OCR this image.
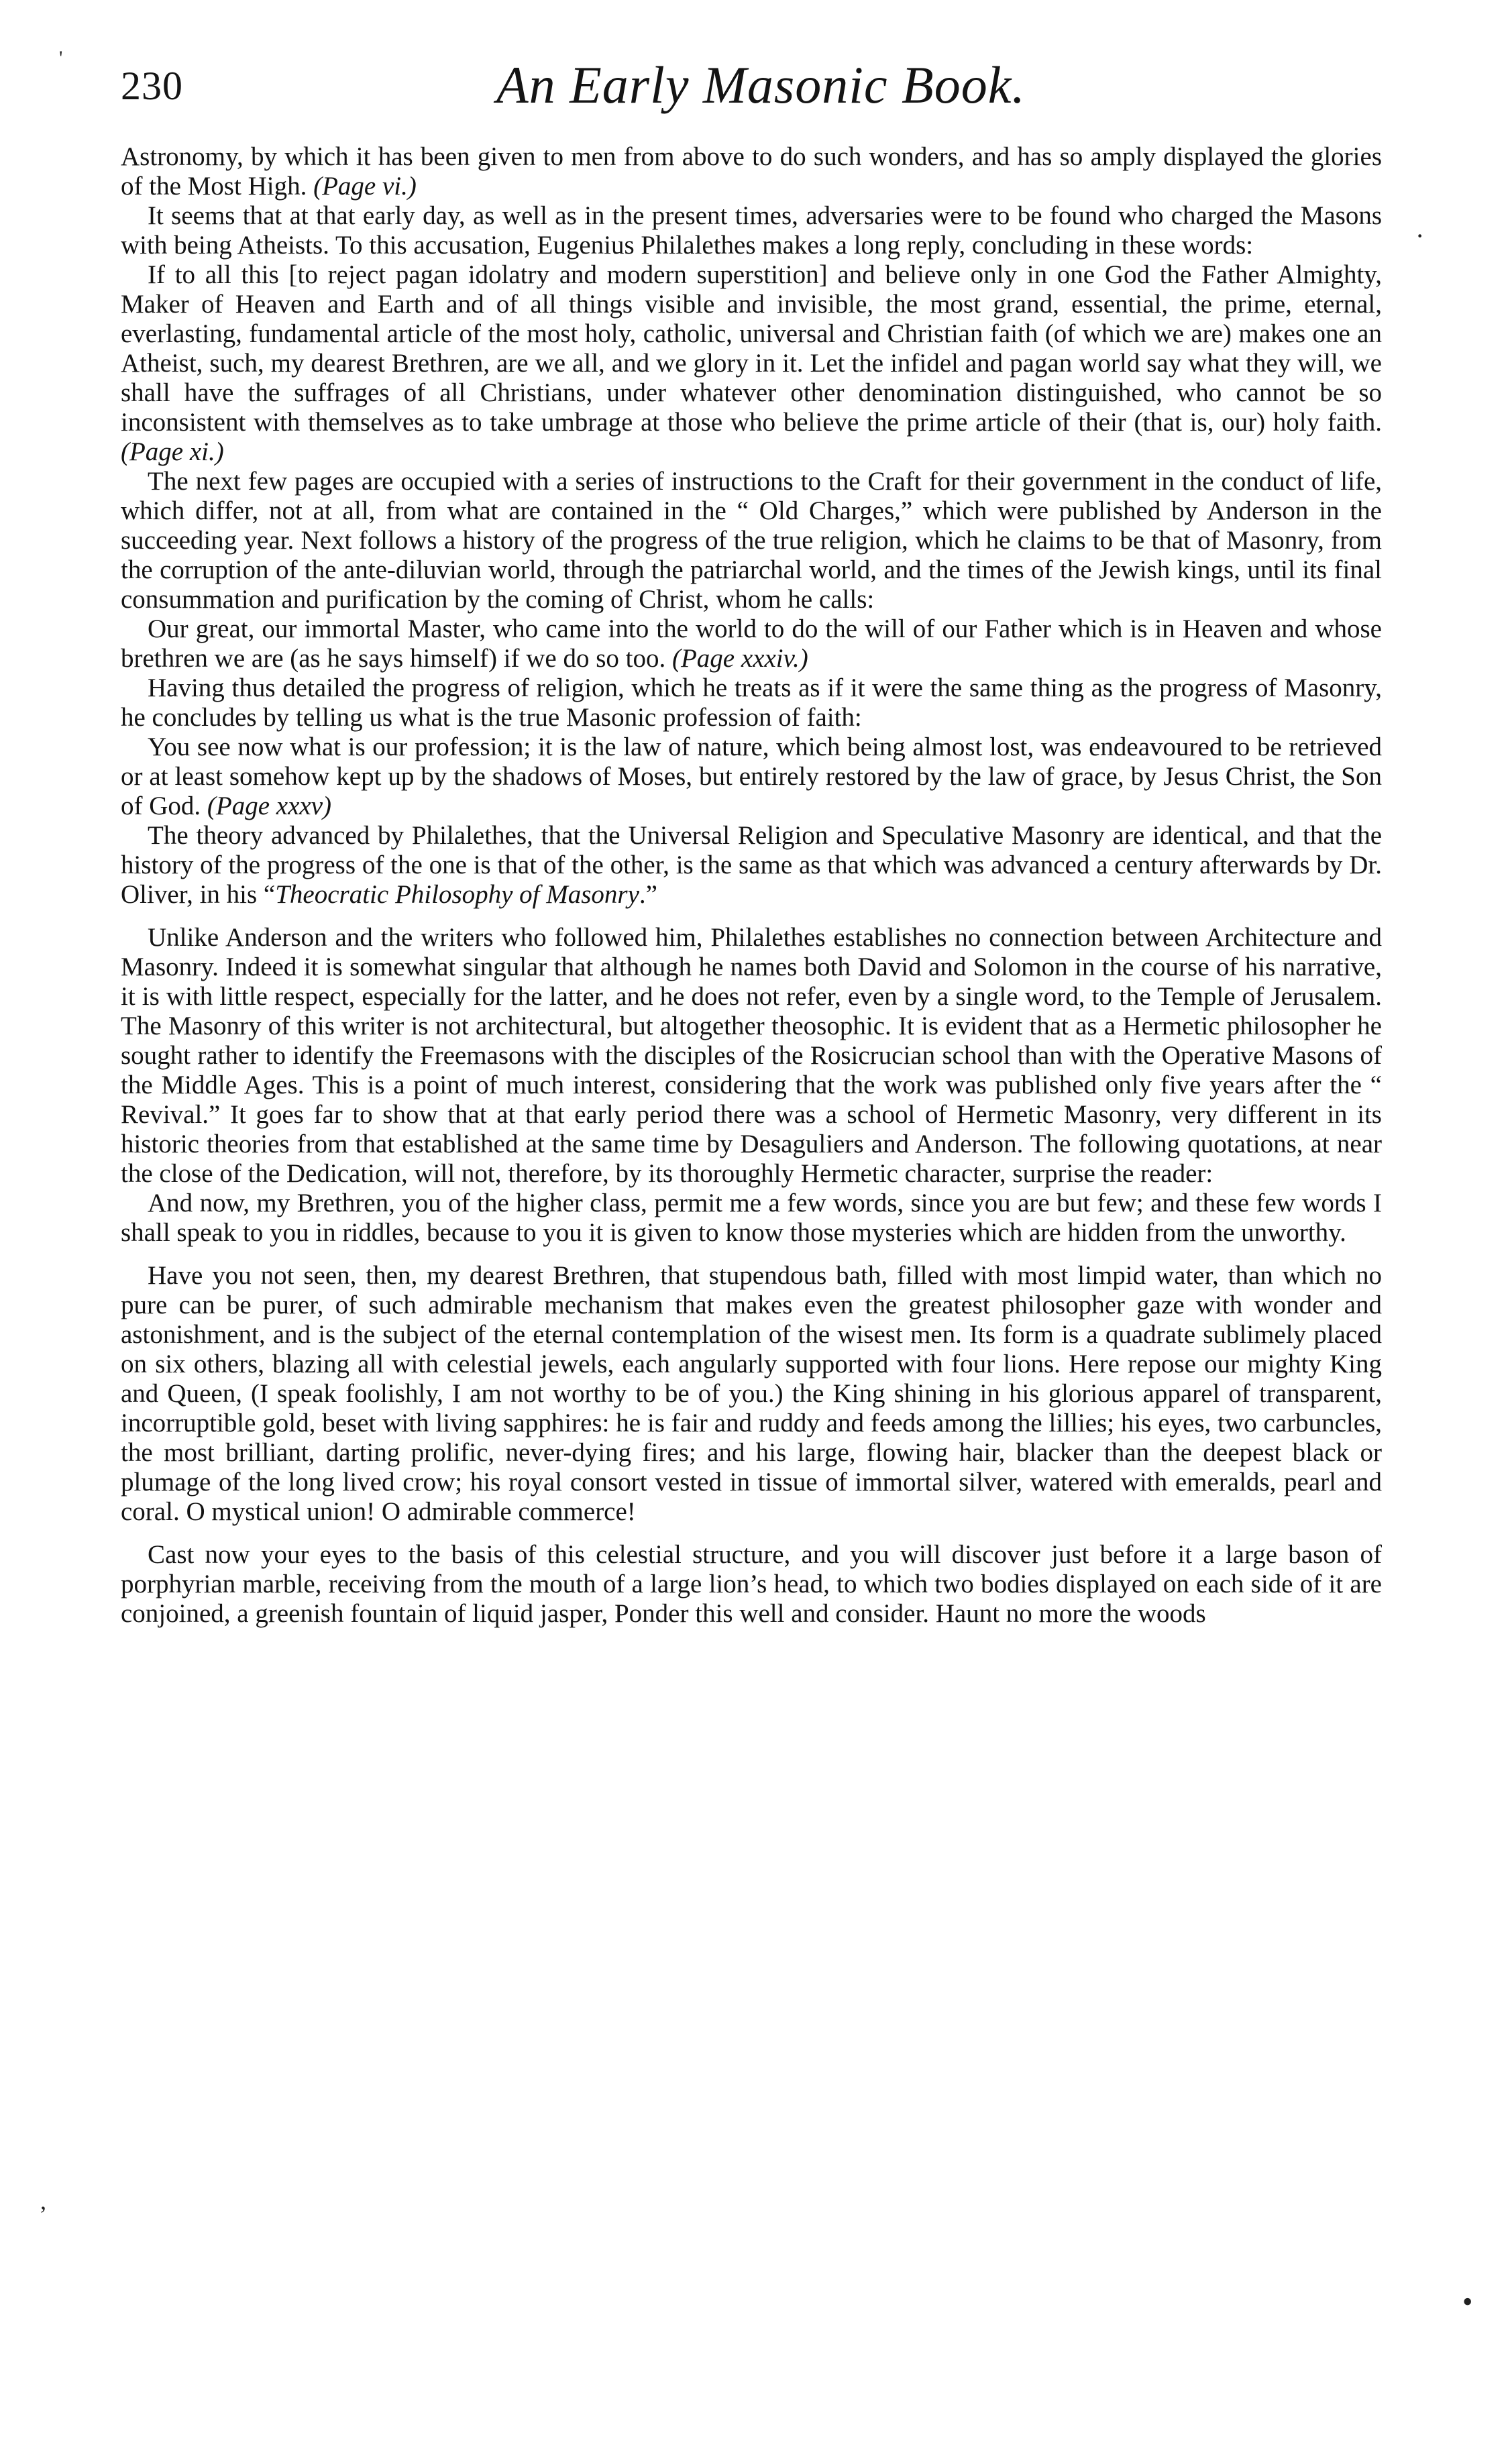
'
·
,
•
230	An Early Masonic Book.

Astronomy, by which it has been given to men from above to do such wonders, and has so amply displayed the glories of the Most High. (Page vi.)

It seems that at that early day, as well as in the present times, adversaries were to be found who charged the Masons with being Atheists. To this accusation, Eugenius Philalethes makes a long reply, concluding in these words:

If to all this [to reject pagan idolatry and modern superstition] and believe only in one God the Father Almighty, Maker of Heaven and Earth and of all things visible and invisible, the most grand, essential, the prime, eternal, everlasting, fundamental article of the most holy, catholic, universal and Christian faith (of which we are) makes one an Atheist, such, my dearest Brethren, are we all, and we glory in it. Let the infidel and pagan world say what they will, we shall have the suffrages of all Christians, under whatever other denomination distinguished, who cannot be so inconsistent with themselves as to take umbrage at those who believe the prime article of their (that is, our) holy faith. (Page xi.)

The next few pages are occupied with a series of instructions to the Craft for their government in the conduct of life, which differ, not at all, from what are contained in the “ Old Charges,” which were published by Anderson in the succeeding year. Next follows a history of the progress of the true religion, which he claims to be that of Masonry, from the corruption of the ante-diluvian world, through the patriarchal world, and the times of the Jewish kings, until its final consummation and purification by the coming of Christ, whom he calls:

Our great, our immortal Master, who came into the world to do the will of our Father which is in Heaven and whose brethren we are (as he says himself) if we do so too. (Page xxxiv.)

Having thus detailed the progress of religion, which he treats as if it were the same thing as the progress of Masonry, he concludes by telling us what is the true Masonic profession of faith:

You see now what is our profession; it is the law of nature, which being almost lost, was endeavoured to be retrieved or at least somehow kept up by the shadows of Moses, but entirely restored by the law of grace, by Jesus Christ, the Son of God. (Page xxxv)

The theory advanced by Philalethes, that the Universal Religion and Speculative Masonry are identical, and that the history of the progress of the one is that of the other, is the same as that which was advanced a century afterwards by Dr. Oliver, in his “Theocratic Philosophy of Masonry.”

Unlike Anderson and the writers who followed him, Philalethes establishes no connection between Architecture and Masonry. Indeed it is somewhat singular that although he names both David and Solomon in the course of his narrative, it is with little respect, especially for the latter, and he does not refer, even by a single word, to the Temple of Jerusalem. The Masonry of this writer is not architectural, but altogether theosophic. It is evident that as a Hermetic philosopher he sought rather to identify the Freemasons with the disciples of the Rosicrucian school than with the Operative Masons of the Middle Ages. This is a point of much interest, considering that the work was published only five years after the “ Revival.” It goes far to show that at that early period there was a school of Hermetic Masonry, very different in its historic theories from that established at the same time by Desaguliers and Anderson. The following quotations, at near the close of the Dedication, will not, therefore, by its thoroughly Hermetic character, surprise the reader:

And now, my Brethren, you of the higher class, permit me a few words, since you are but few; and these few words I shall speak to you in riddles, because to you it is given to know those mysteries which are hidden from the unworthy.

Have you not seen, then, my dearest Brethren, that stupendous bath, filled with most limpid water, than which no pure can be purer, of such admirable mechanism that makes even the greatest philosopher gaze with wonder and astonishment, and is the subject of the eternal contemplation of the wisest men. Its form is a quadrate sublimely placed on six others, blazing all with celestial jewels, each angularly supported with four lions. Here repose our mighty King and Queen, (I speak foolishly, I am not worthy to be of you.) the King shining in his glorious apparel of transparent, incorruptible gold, beset with living sapphires: he is fair and ruddy and feeds among the lillies; his eyes, two carbuncles, the most brilliant, darting prolific, never-dying fires; and his large, flowing hair, blacker than the deepest black or plumage of the long lived crow; his royal consort vested in tissue of immortal silver, watered with emeralds, pearl and coral. O mystical union! O admirable commerce!

Cast now your eyes to the basis of this celestial structure, and you will discover just before it a large bason of porphyrian marble, receiving from the mouth of a large lion’s head, to which two bodies displayed on each side of it are conjoined, a greenish fountain of liquid jasper, Ponder this well and consider. Haunt no more the woods
